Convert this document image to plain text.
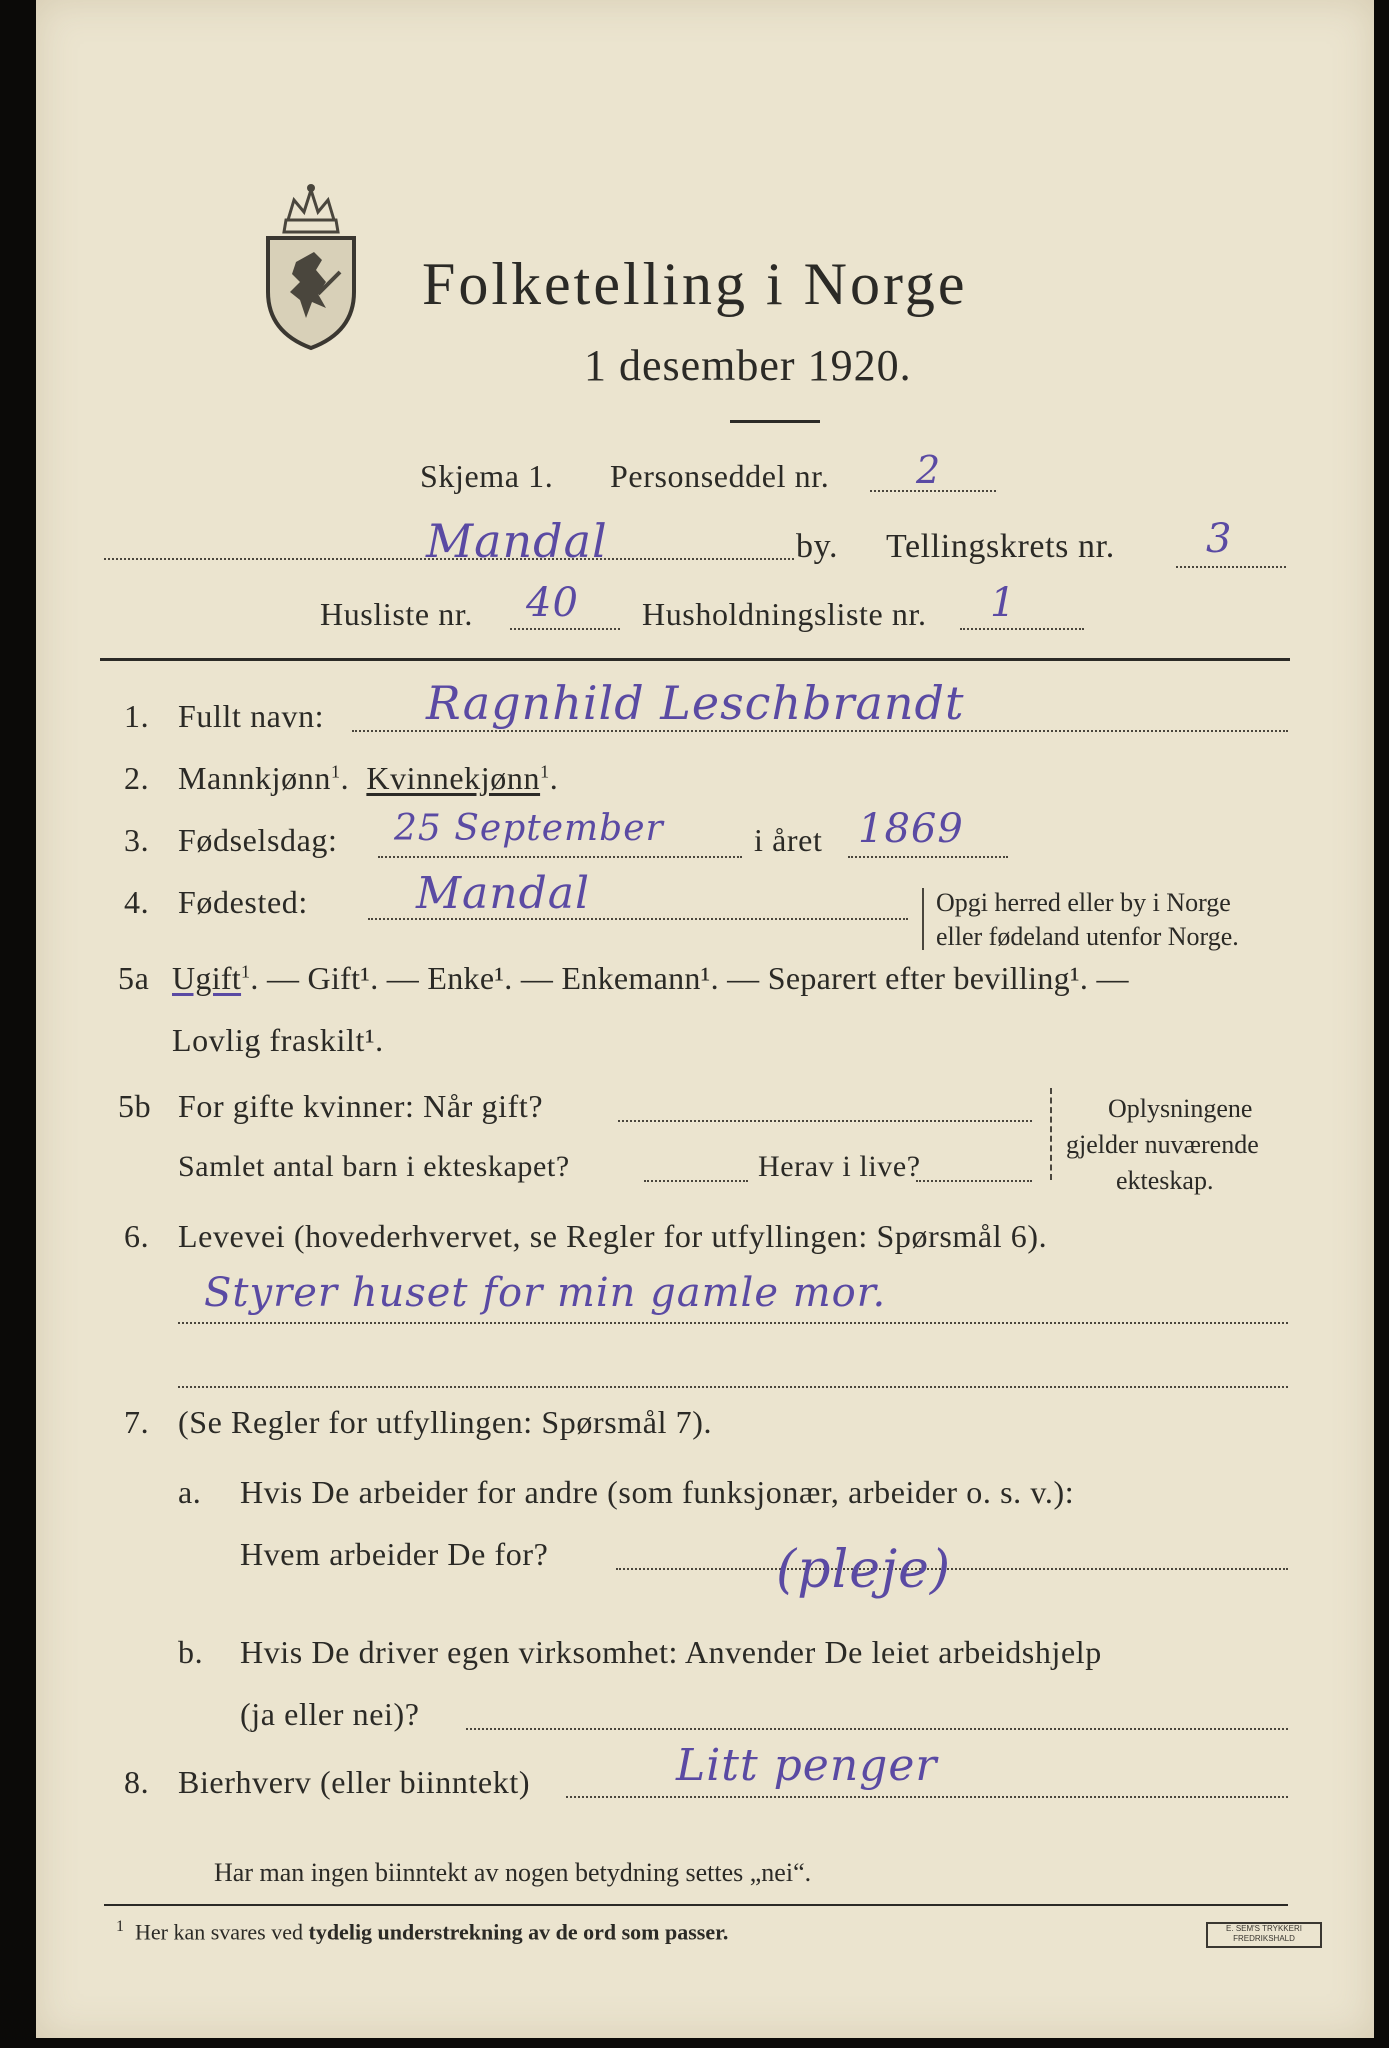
Folketelling i Norge
1 desember 1920.
Skjema 1. Personseddel nr. 2
Mandal	by. Tellingskrets nr. 3
Husliste nr. 40 Husholdningsliste nr. 1
1. Fullt navn: Ragnhild Leschbrandt
2. Mannkjønn$^1$.  Kvinnekjønn$^1$.
3. Fødselsdag: 25 September	i året 1869
4. Fødested: Mandal	Opgi herred eller by i Norge
eller fødeland utenfor Norge.
5a Ugift$^1$. — Gift¹. — Enke¹. — Enkemann¹. — Separert efter bevilling¹. —
Lovlig fraskilt¹.
5b For gifte kvinner: Når gift?
Samlet antal barn i ekteskapet?	Herav i live?
Oplysningene
gjelder nuværende
ekteskap.
6. Levevei (hovederhvervet, se Regler for utfyllingen: Spørsmål 6).
Styrer huset for min gamle mor.
7. (Se Regler for utfyllingen: Spørsmål 7).
a. Hvis De arbeider for andre (som funksjonær, arbeider o. s. v.):
Hvem arbeider De for?	(pleje)
b. Hvis De driver egen virksomhet: Anvender De leiet arbeidshjelp
(ja eller nei)?
8. Bierhverv (eller biinntekt)	Litt penger
Har man ingen biinntekt av nogen betydning settes „nei“.
$^1$ Her kan svares ved tydelig understrekning av de ord som passer.	E. SEM'S TRYKKERI
FREDRIKSHALD
